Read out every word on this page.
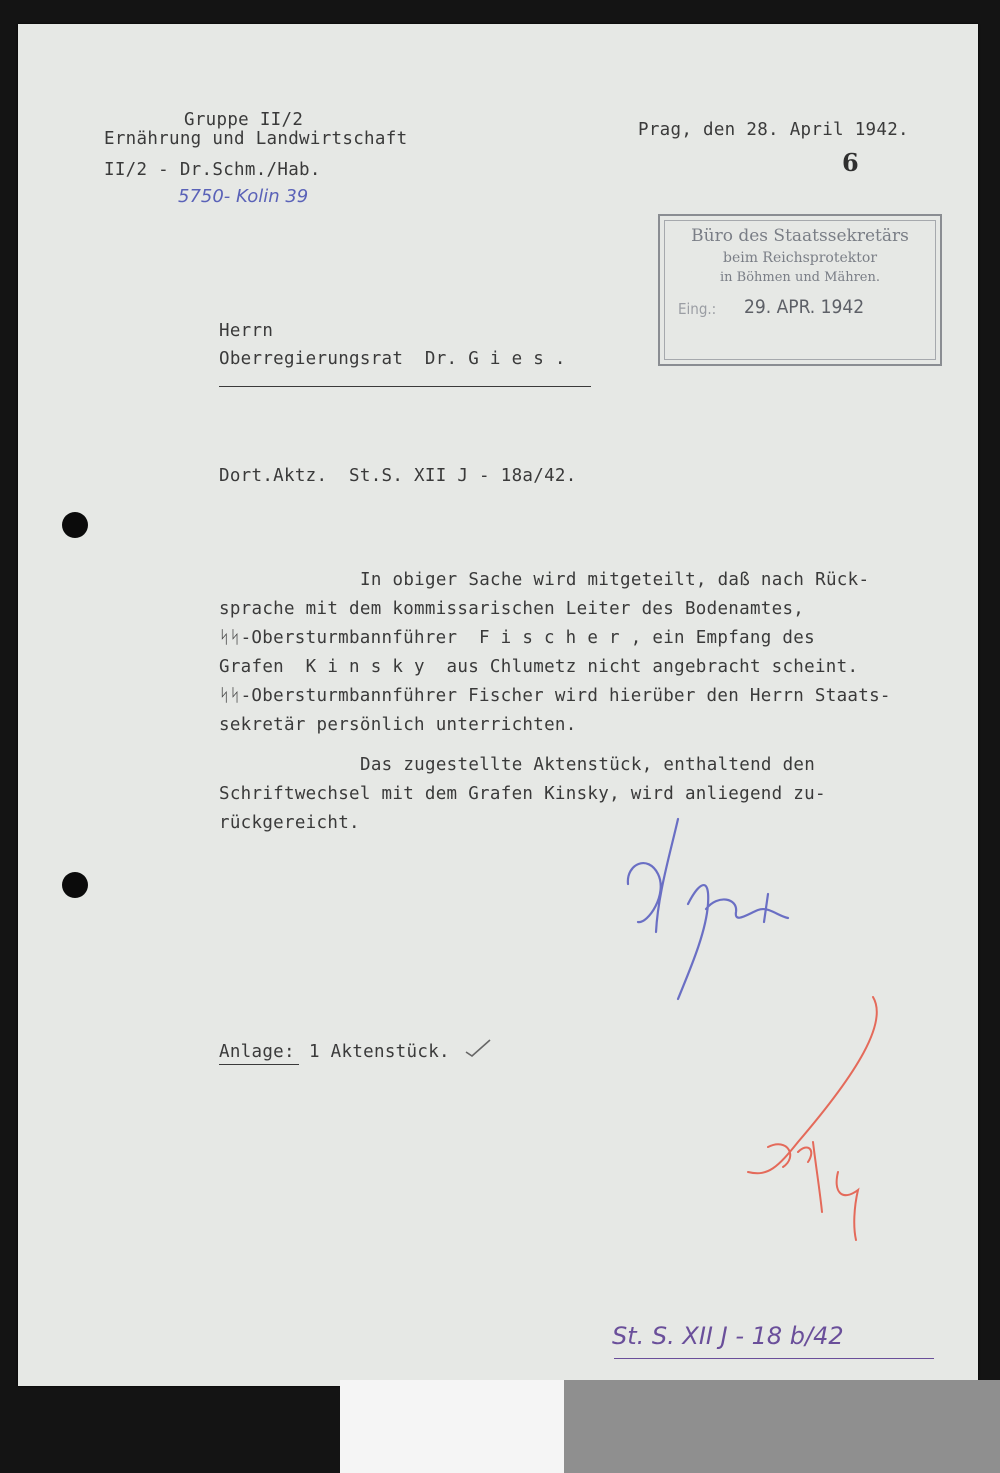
Gruppe II/2
Ernährung und Landwirtschaft
II/2 - Dr.Schm./Hab.
5750- Kolin 39
Prag, den 28. April 1942.
6
Büro des Staatssekretärs
beim Reichsprotektor
in Böhmen und Mähren.
Eing.: 29. APR. 1942
Herrn
Oberregierungsrat  Dr. G i e s .
Dort.Aktz.  St.S. XII J - 18a/42.
In obiger Sache wird mitgeteilt, daß nach Rück-
sprache mit dem kommissarischen Leiter des Bodenamtes,
ᛋᛋ-Obersturmbannführer  F i s c h e r , ein Empfang des
Grafen  K i n s k y  aus Chlumetz nicht angebracht scheint.
ᛋᛋ-Obersturmbannführer Fischer wird hierüber den Herrn Staats-
sekretär persönlich unterrichten.
Das zugestellte Aktenstück, enthaltend den
Schriftwechsel mit dem Grafen Kinsky, wird anliegend zu-
rückgereicht.
Anlage: 1 Aktenstück.
St. S. XII J - 18 b/42
